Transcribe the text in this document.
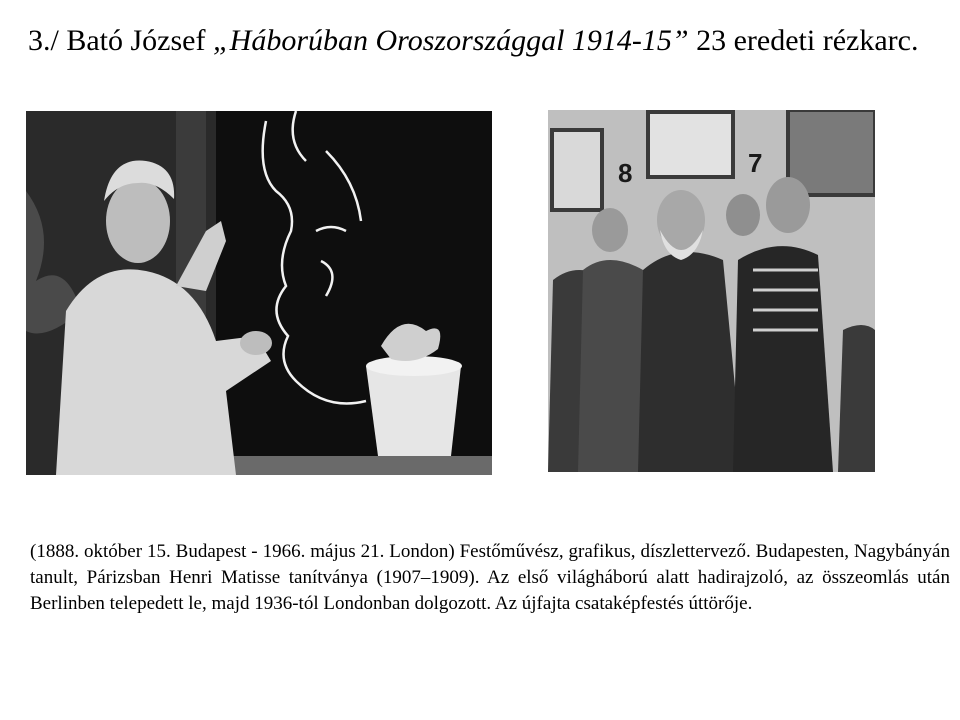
3./ Bató József „Háborúban Oroszországgal 1914-15” 23 eredeti rézkarc.
8	7

(1888. október 15. Budapest - 1966. május 21. London) Festőművész, grafikus, díszlettervező. Budapesten, Nagybányán tanult, Párizsban Henri Matisse tanítványa (1907–1909). Az első világháború alatt hadirajzoló, az összeomlás után Berlinben telepedett le, majd 1936-tól Londonban dolgozott. Az újfajta csataképfestés úttörője.
